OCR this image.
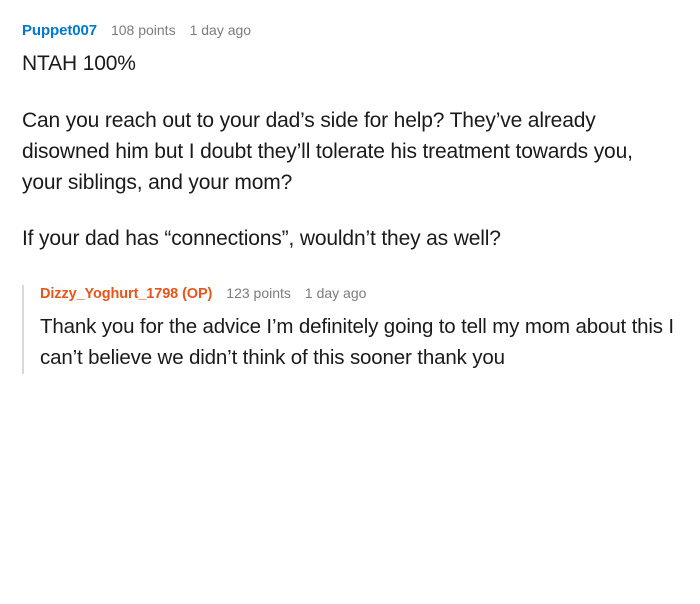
Puppet007 108 points 1 day ago

NTAH 100%

Can you reach out to your dad’s side for help? They’ve already disowned him but I doubt they’ll tolerate his treatment towards you, your siblings, and your mom?

If your dad has “connections”, wouldn’t they as well?

Dizzy_Yoghurt_1798 (OP) 123 points 1 day ago

Thank you for the advice I’m definitely going to tell my mom about this I can’t believe we didn’t think of this sooner thank you
